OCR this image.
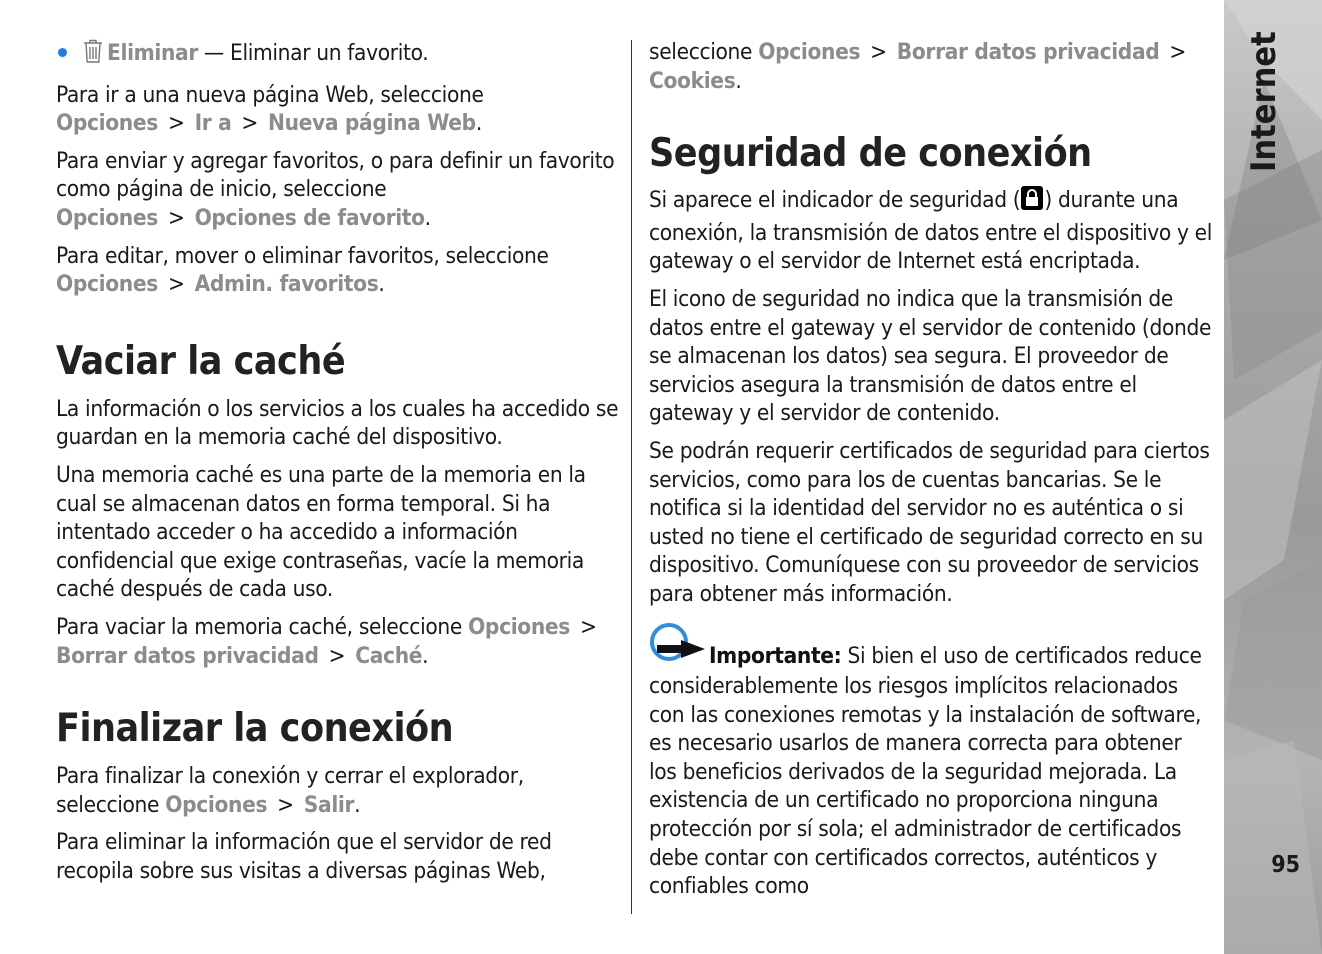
Eliminar — Eliminar un favorito.

Para ir a una nueva página Web, seleccione
Opciones > Ir a > Nueva página Web.

Para enviar y agregar favoritos, o para definir un favorito como página de inicio, seleccione Opciones > Opciones de favorito.

Para editar, mover o eliminar favoritos, seleccione
Opciones > Admin. favoritos.

Vaciar la caché

La información o los servicios a los cuales ha accedido se guardan en la memoria caché del dispositivo.

Una memoria caché es una parte de la memoria en la cual se almacenan datos en forma temporal. Si ha intentado acceder o ha accedido a información confidencial que exige contraseñas, vacíe la memoria caché después de cada uso.

Para vaciar la memoria caché, seleccione Opciones >
Borrar datos privacidad > Caché.

Finalizar la conexión

Para finalizar la conexión y cerrar el explorador, seleccione Opciones > Salir.

Para eliminar la información que el servidor de red recopila sobre sus visitas a diversas páginas Web,

seleccione Opciones > Borrar datos privacidad >
Cookies.

Seguridad de conexión

Si aparece el indicador de seguridad ( ) durante una conexión, la transmisión de datos entre el dispositivo y el gateway o el servidor de Internet está encriptada.

El icono de seguridad no indica que la transmisión de datos entre el gateway y el servidor de contenido (donde se almacenan los datos) sea segura. El proveedor de servicios asegura la transmisión de datos entre el gateway y el servidor de contenido.

Se podrán requerir certificados de seguridad para ciertos servicios, como para los de cuentas bancarias. Se le notifica si la identidad del servidor no es auténtica o si usted no tiene el certificado de seguridad correcto en su dispositivo. Comuníquese con su proveedor de servicios para obtener más información.

Importante: Si bien el uso de certificados reduce considerablemente los riesgos implícitos relacionados con las conexiones remotas y la instalación de software, es necesario usarlos de manera correcta para obtener los beneficios derivados de la seguridad mejorada. La existencia de un certificado no proporciona ninguna protección por sí sola; el administrador de certificados debe contar con certificados correctos, auténticos y confiables como

Internet
95
